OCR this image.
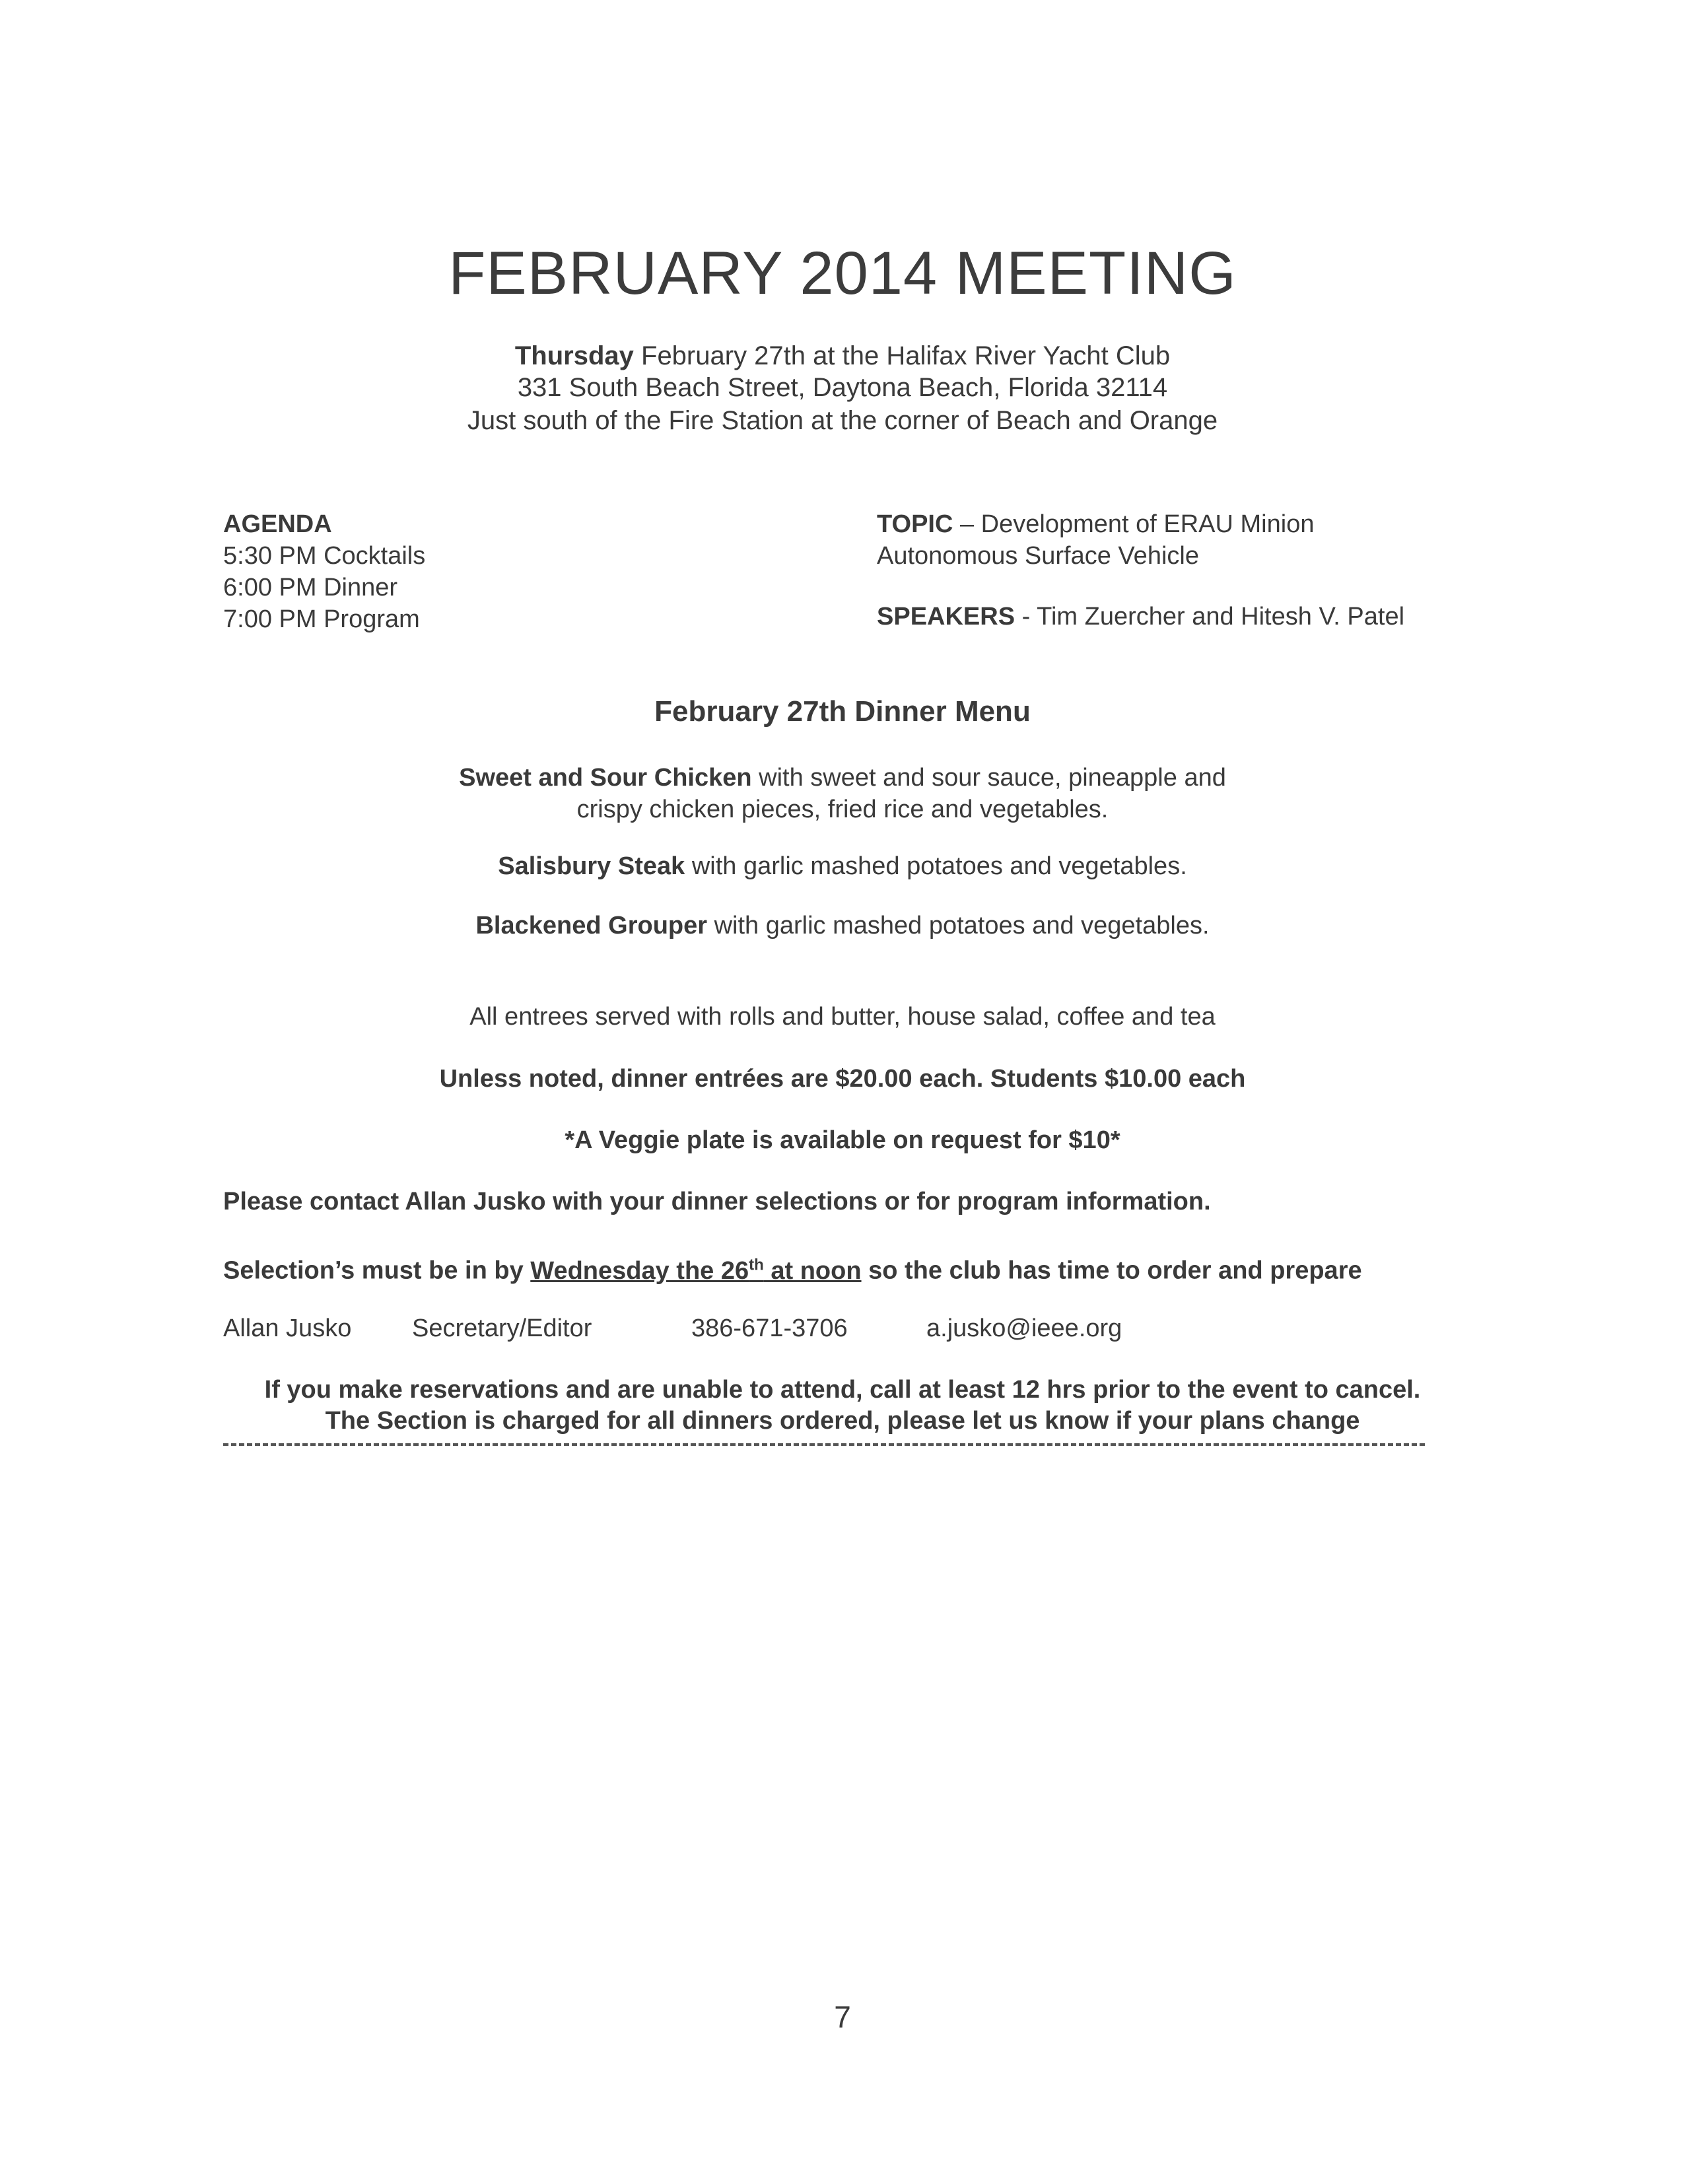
FEBRUARY 2014 MEETING
Thursday February 27th at the Halifax River Yacht Club
331 South Beach Street, Daytona Beach, Florida 32114
Just south of the Fire Station at the corner of Beach and Orange
AGENDA
5:30 PM Cocktails
6:00 PM Dinner
7:00 PM Program
TOPIC – Development of ERAU Minion
Autonomous Surface Vehicle
SPEAKERS - Tim Zuercher and Hitesh V. Patel
February 27th Dinner Menu
Sweet and Sour Chicken with sweet and sour sauce, pineapple and
crispy chicken pieces, fried rice and vegetables.
Salisbury Steak with garlic mashed potatoes and vegetables.
Blackened Grouper with garlic mashed potatoes and vegetables.
All entrees served with rolls and butter, house salad, coffee and tea
Unless noted, dinner entrées are $20.00 each. Students $10.00 each
*A Veggie plate is available on request for $10*
Please contact Allan Jusko with your dinner selections or for program information.
Selection’s must be in by Wednesday the 26th at noon so the club has time to order and prepare
Allan Jusko Secretary/Editor	386-671-3706	a.jusko@ieee.org
If you make reservations and are unable to attend, call at least 12 hrs prior to the event to cancel.
The Section is charged for all dinners ordered, please let us know if your plans change
7
